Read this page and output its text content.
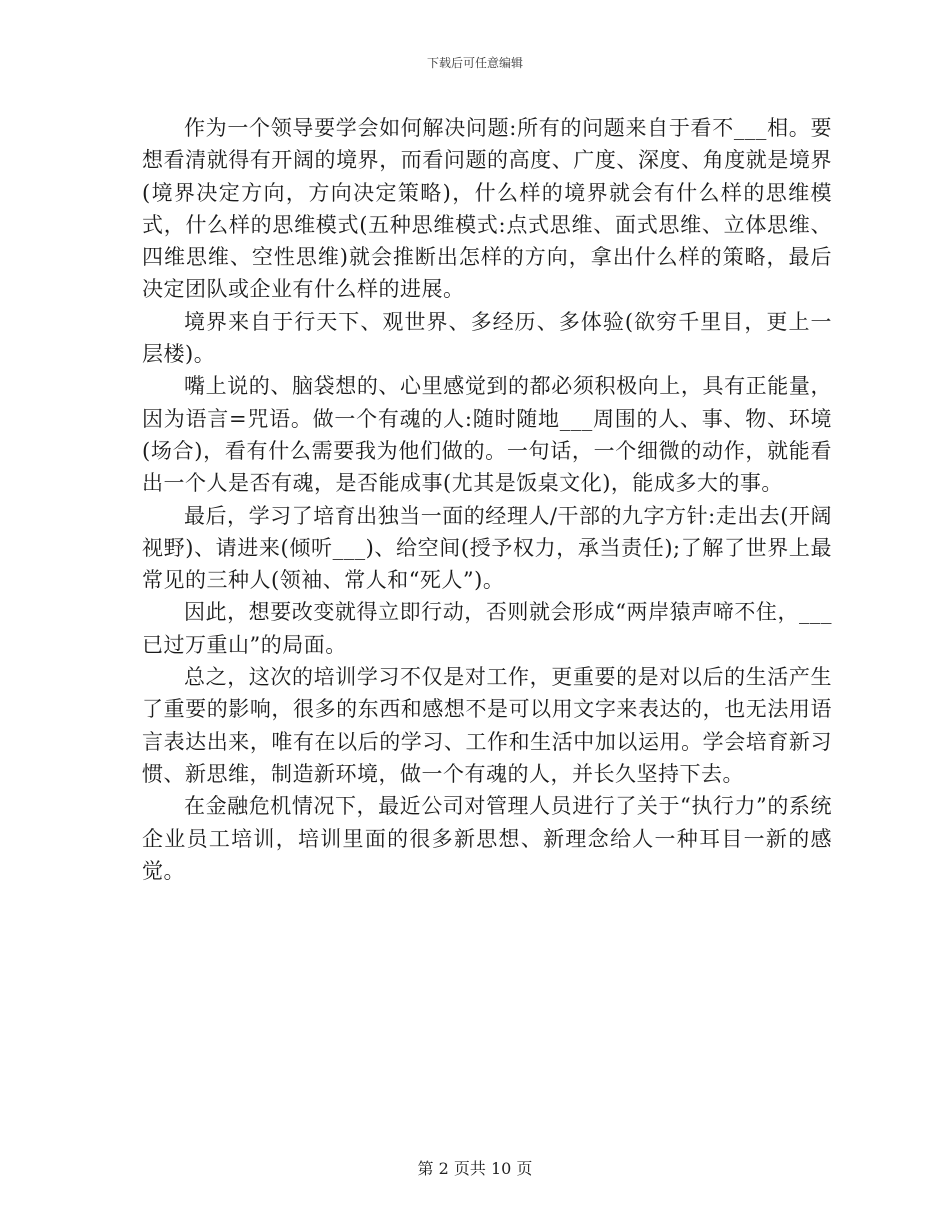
下载后可任意编辑

作为一个领导要学会如何解决问题:所有的问题来自于看不___相。要想看清就得有开阔的境界，而看问题的高度、广度、深度、角度就是境界(境界决定方向，方向决定策略)，什么样的境界就会有什么样的思维模式，什么样的思维模式(五种思维模式:点式思维、面式思维、立体思维、四维思维、空性思维)就会推断出怎样的方向，拿出什么样的策略，最后决定团队或企业有什么样的进展。

境界来自于行天下、观世界、多经历、多体验(欲穷千里目，更上一层楼)。

嘴上说的、脑袋想的、心里感觉到的都必须积极向上，具有正能量，因为语言=咒语。做一个有魂的人:随时随地___周围的人、事、物、环境(场合)，看有什么需要我为他们做的。一句话，一个细微的动作，就能看出一个人是否有魂，是否能成事(尤其是饭桌文化)，能成多大的事。

最后，学习了培育出独当一面的经理人/干部的九字方针:走出去(开阔视野)、请进来(倾听___)、给空间(授予权力，承当责任);了解了世界上最常见的三种人(领袖、常人和“死人”)。

因此，想要改变就得立即行动，否则就会形成“两岸猿声啼不住，___已过万重山”的局面。

总之，这次的培训学习不仅是对工作，更重要的是对以后的生活产生了重要的影响，很多的东西和感想不是可以用文字来表达的，也无法用语言表达出来，唯有在以后的学习、工作和生活中加以运用。学会培育新习惯、新思维，制造新环境，做一个有魂的人，并长久坚持下去。

在金融危机情况下，最近公司对管理人员进行了关于“执行力”的系统企业员工培训，培训里面的很多新思想、新理念给人一种耳目一新的感觉。

第 2 页共 10 页
